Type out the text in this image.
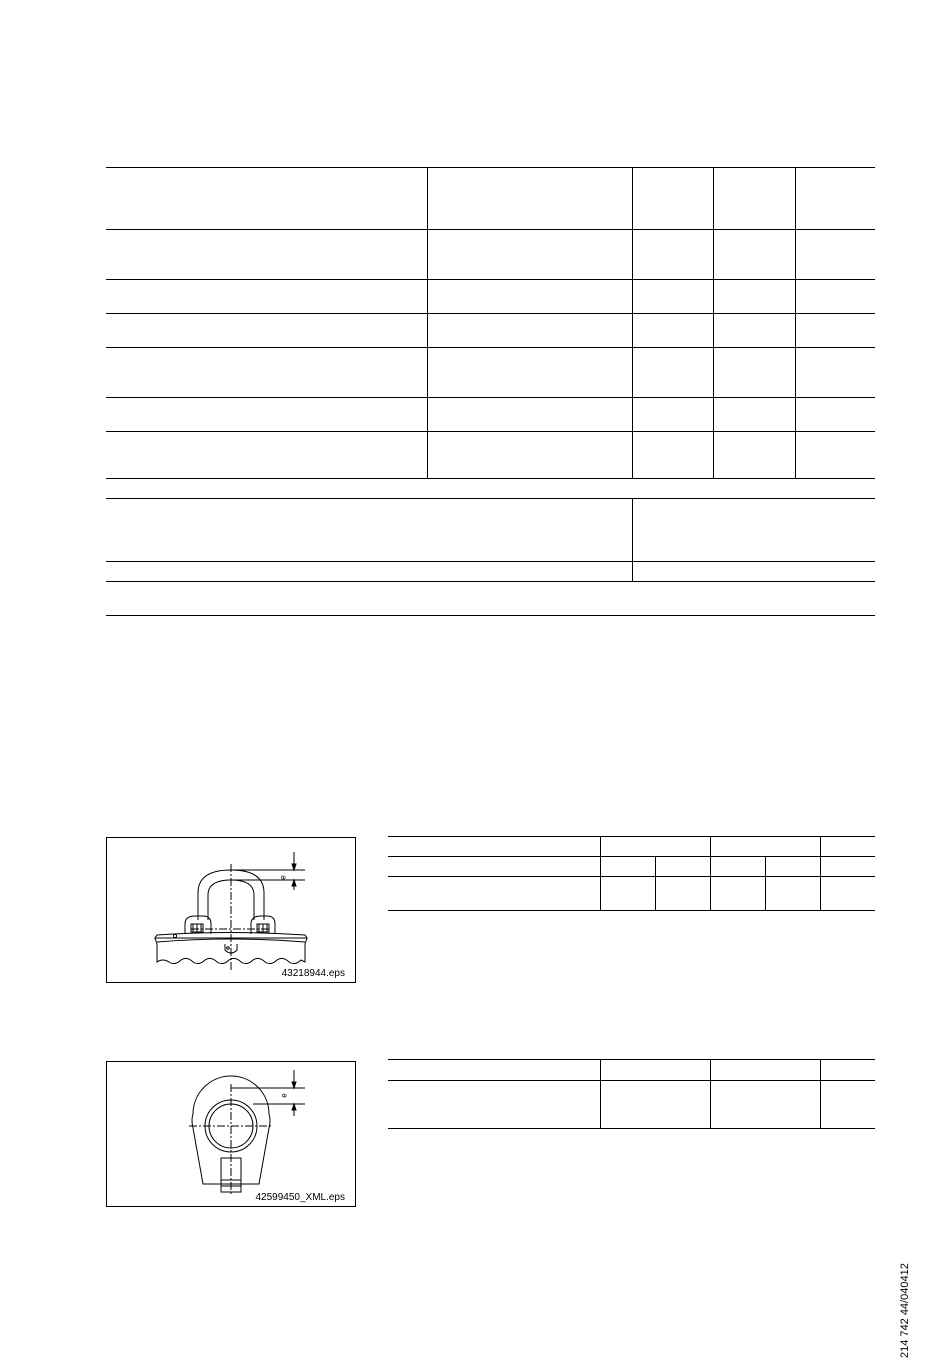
e
43218944.eps
e
42599450_XML.eps
214 742 44/040412
